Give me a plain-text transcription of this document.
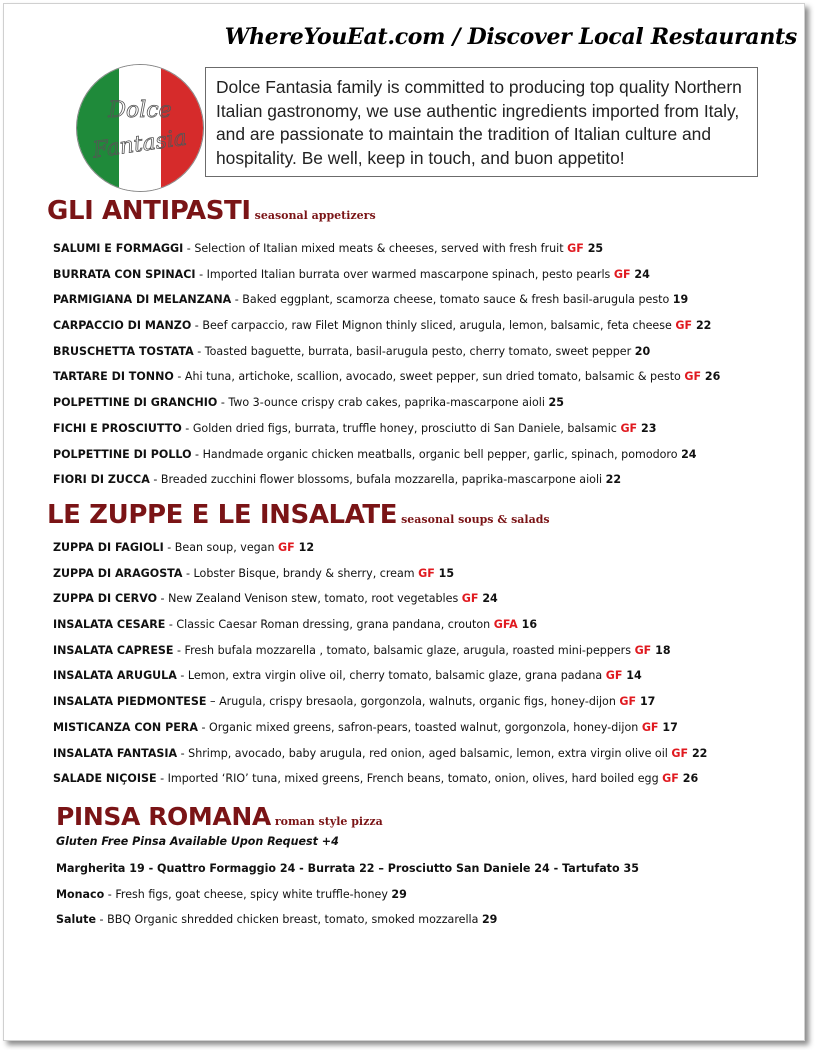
WhereYouEat.com / Discover Local Restaurants
Dolce
Fantasia
Dolce Fantasia family is committed to producing top quality Northern Italian gastronomy, we use authentic ingredients imported from Italy, and are passionate to maintain the tradition of Italian culture and hospitality. Be well, keep in touch, and buon appetito!
GLI ANTIPASTI seasonal appetizers
SALUMI E FORMAGGI - Selection of Italian mixed meats & cheeses, served with fresh fruit GF 25
BURRATA CON SPINACI - Imported Italian burrata over warmed mascarpone spinach, pesto pearls GF 24
PARMIGIANA DI MELANZANA - Baked eggplant, scamorza cheese, tomato sauce & fresh basil-arugula pesto 19
CARPACCIO DI MANZO - Beef carpaccio, raw Filet Mignon thinly sliced, arugula, lemon, balsamic, feta cheese GF 22
BRUSCHETTA TOSTATA - Toasted baguette, burrata, basil-arugula pesto, cherry tomato, sweet pepper 20
TARTARE DI TONNO - Ahi tuna, artichoke, scallion, avocado, sweet pepper, sun dried tomato, balsamic & pesto GF 26
POLPETTINE DI GRANCHIO - Two 3-ounce crispy crab cakes, paprika-mascarpone aioli 25
FICHI E PROSCIUTTO - Golden dried figs, burrata, truffle honey, prosciutto di San Daniele, balsamic GF 23
POLPETTINE DI POLLO - Handmade organic chicken meatballs, organic bell pepper, garlic, spinach, pomodoro 24
FIORI DI ZUCCA - Breaded zucchini flower blossoms, bufala mozzarella, paprika-mascarpone aioli 22
LE ZUPPE E LE INSALATE seasonal soups & salads
ZUPPA DI FAGIOLI - Bean soup, vegan GF 12
ZUPPA DI ARAGOSTA - Lobster Bisque, brandy & sherry, cream GF 15
ZUPPA DI CERVO - New Zealand Venison stew, tomato, root vegetables GF 24
INSALATA CESARE - Classic Caesar Roman dressing, grana pandana, crouton GFA 16
INSALATA CAPRESE - Fresh bufala mozzarella , tomato, balsamic glaze, arugula, roasted mini-peppers GF 18
INSALATA ARUGULA - Lemon, extra virgin olive oil, cherry tomato, balsamic glaze, grana padana GF 14
INSALATA PIEDMONTESE – Arugula, crispy bresaola, gorgonzola, walnuts, organic figs, honey-dijon GF 17
MISTICANZA CON PERA - Organic mixed greens, safron-pears, toasted walnut, gorgonzola, honey-dijon GF 17
INSALATA FANTASIA - Shrimp, avocado, baby arugula, red onion, aged balsamic, lemon, extra virgin olive oil GF 22
SALADE NIÇOISE - Imported ‘RIO’ tuna, mixed greens, French beans, tomato, onion, olives, hard boiled egg GF 26
PINSA ROMANA roman style pizza
Gluten Free Pinsa Available Upon Request +4
Margherita 19 - Quattro Formaggio 24 - Burrata 22 – Prosciutto San Daniele 24 - Tartufato 35
Monaco - Fresh figs, goat cheese, spicy white truffle-honey 29
Salute - BBQ Organic shredded chicken breast, tomato, smoked mozzarella 29
